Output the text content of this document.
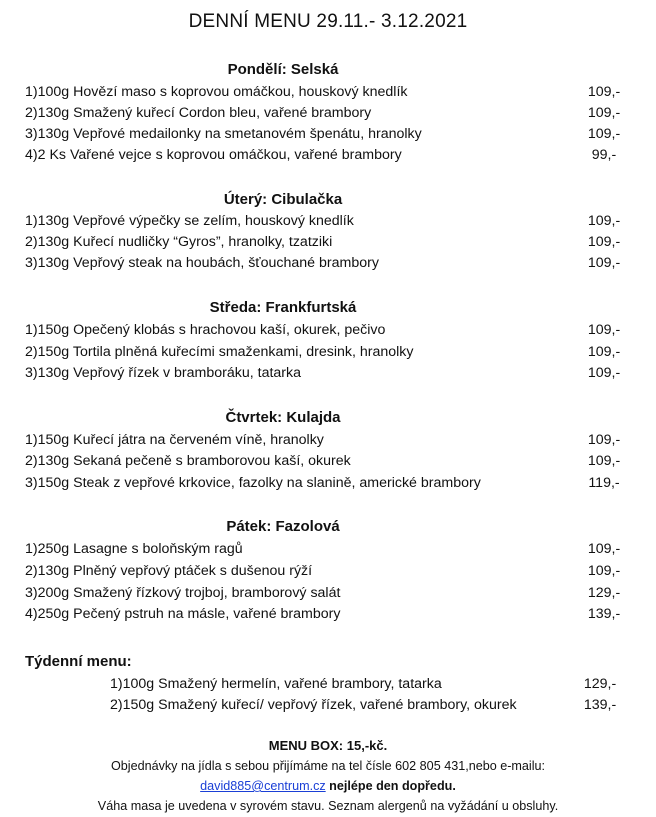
DENNÍ MENU 29.11.- 3.12.2021
Pondělí: Selská
1)100g Hovězí maso s koprovou omáčkou, houskový knedlík	109,-
2)130g Smažený kuřecí Cordon bleu, vařené brambory	109,-
3)130g Vepřové medailonky na smetanovém špenátu, hranolky	109,-
4)2 Ks Vařené vejce s koprovou omáčkou, vařené brambory	99,-
Úterý: Cibulačka
1)130g Vepřové výpečky se zelím, houskový knedlík	109,-
2)130g Kuřecí nudličky “Gyros”, hranolky, tzatziki	109,-
3)130g Vepřový steak na houbách, šťouchané brambory	109,-
Středa: Frankfurtská
1)150g Opečený klobás s hrachovou kaší, okurek, pečivo	109,-
2)150g Tortila plněná kuřecími smaženkami, dresink, hranolky	109,-
3)130g Vepřový řízek v bramboráku, tatarka	109,-
Čtvrtek: Kulajda
1)150g Kuřecí játra na červeném víně, hranolky	109,-
2)130g Sekaná pečeně s bramborovou kaší, okurek	109,-
3)150g Steak z vepřové krkovice, fazolky na slanině, americké brambory	119,-
Pátek: Fazolová
1)250g Lasagne s boloňským ragů	109,-
2)130g Plněný vepřový ptáček s dušenou rýží	109,-
3)200g Smažený řízkový trojboj, bramborový salát	129,-
4)250g Pečený pstruh na másle, vařené brambory	139,-
Týdenní menu:
1)100g Smažený hermelín, vařené brambory, tatarka	129,-
2)150g Smažený kuřecí/ vepřový řízek, vařené brambory, okurek	139,-
MENU BOX: 15,-kč.
Objednávky na jídla s sebou přijímáme na tel čísle 602 805 431,nebo e-mailu:
david885@centrum.cz nejlépe den dopředu.
Váha masa je uvedena v syrovém stavu. Seznam alergenů na vyžádání u obsluhy.
